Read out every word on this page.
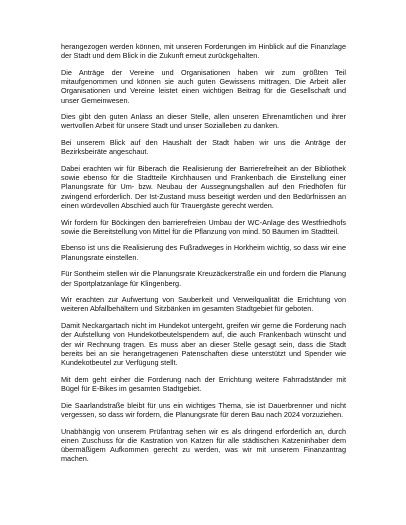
herangezogen werden können, mit unseren Forderungen im Hinblick auf die Finanzlage der Stadt und dem Blick in die Zukunft erneut zurückgehalten.

Die Anträge der Vereine und Organisationen haben wir zum größten Teil mitaufgenommen und können sie auch guten Gewissens mittragen. Die Arbeit aller Organisationen und Vereine leistet einen wichtigen Beitrag für die Gesellschaft und unser Gemeinwesen.

Dies gibt den guten Anlass an dieser Stelle, allen unseren Ehrenamtlichen und ihrer wertvollen Arbeit für unsere Stadt und unser Sozialleben zu danken.

Bei unserem Blick auf den Haushalt der Stadt haben wir uns die Anträge der Bezirksbeiräte angeschaut.

Dabei erachten wir für Biberach die Realisierung der Barrierefreiheit an der Bibliothek sowie ebenso für die Stadtteile Kirchhausen und Frankenbach die Einstellung einer Planungsrate für Um- bzw. Neubau der Aussegnungshallen auf den Friedhöfen für zwingend erforderlich. Der Ist-Zustand muss beseitigt werden und den Bedürfnissen an einen würdevollen Abschied auch für Trauergäste gerecht werden.

Wir fordern für Böckingen den barrierefreien Umbau der WC-Anlage des Westfriedhofs sowie die Bereitstellung von Mittel für die Pflanzung von mind. 50 Bäumen im Stadtteil.

Ebenso ist uns die Realisierung des Fußradweges in Horkheim wichtig, so dass wir eine Planungsrate einstellen.

Für Sontheim stellen wir die Planungsrate Kreuzäckerstraße ein und fordern die Planung der Sportplatzanlage für Klingenberg.

Wir erachten zur Aufwertung von Sauberkeit und Verweilqualität die Errichtung von weiteren Abfallbehältern und Sitzbänken im gesamten Stadtgebiet für geboten.

Damit Neckargartach nicht im Hundekot untergeht, greifen wir gerne die Forderung nach der Aufstellung von Hundekotbeutelspendern auf, die auch Frankenbach wünscht und der wir Rechnung tragen. Es muss aber an dieser Stelle gesagt sein, dass die Stadt bereits bei an sie herangetragenen Patenschaften diese unterstützt und Spender wie Kundekotbeutel zur Verfügung stellt.

Mit dem geht einher die Forderung nach der Errichtung weitere Fahrradständer mit Bügel für E-Bikes im gesamten Stadtgebiet.

Die Saarlandstraße bleibt für uns ein wichtiges Thema, sie ist Dauerbrenner und nicht vergessen, so dass wir fordern, die Planungsrate für deren Bau nach 2024 vorzuziehen.

Unabhängig von unserem Prüfantrag sehen wir es als dringend erforderlich an, durch einen Zuschuss für die Kastration von Katzen für alle städtischen Katzeninhaber dem übermäßigem Aufkommen gerecht zu werden, was wir mit unserem Finanzantrag machen.
